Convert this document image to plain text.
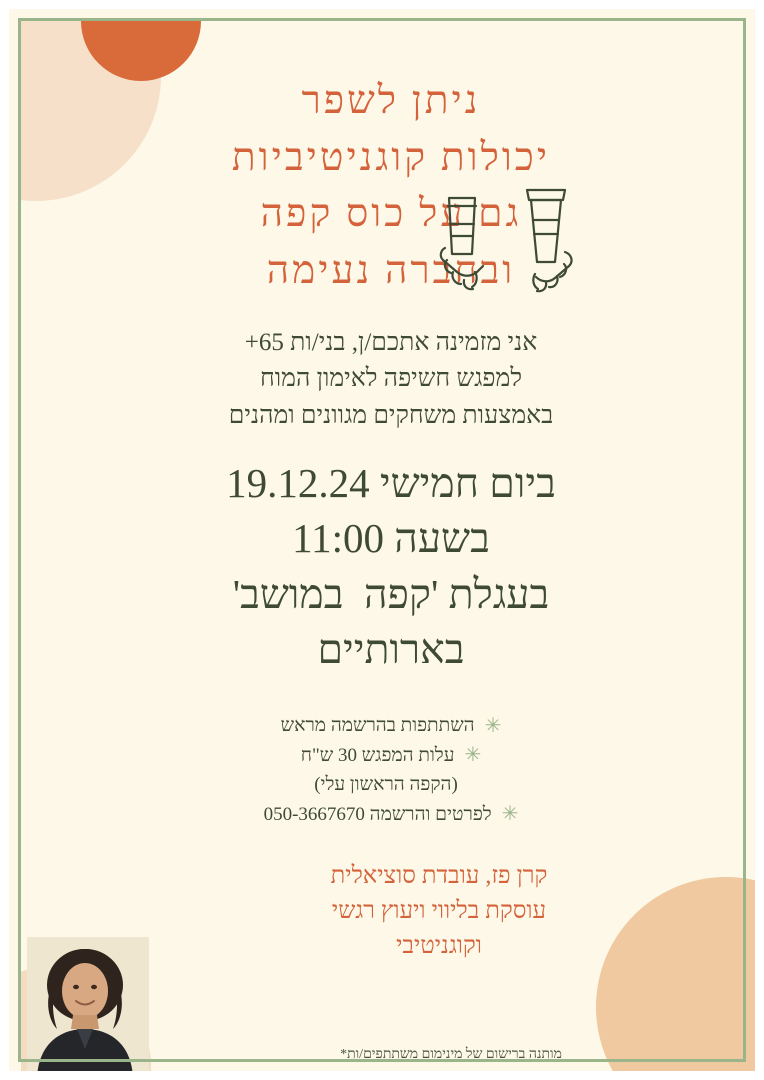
ניתן לשפר
יכולות קוגניטיביות
גם על כוס קפה
ובחברה נעימה
אני מזמינה אתכם/ן, בני/ות 65+
למפגש חשיפה לאימון המוח
באמצעות משחקים מגוונים ומהנים
ביום חמישי 19.12.24
בשעה 11:00
בעגלת 'קפה  במושב'
בארותיים
✳
השתתפות בהרשמה מראש
✳
עלות המפגש 30 ש"ח
(הקפה הראשון עלי)
✳
לפרטים והרשמה 050-3667670
קרן פז, עובדת סוציאלית
עוסקת בליווי ויעוץ רגשי
וקוגניטיבי
*מותנה ברישום של מינימום משתתפים/ות
